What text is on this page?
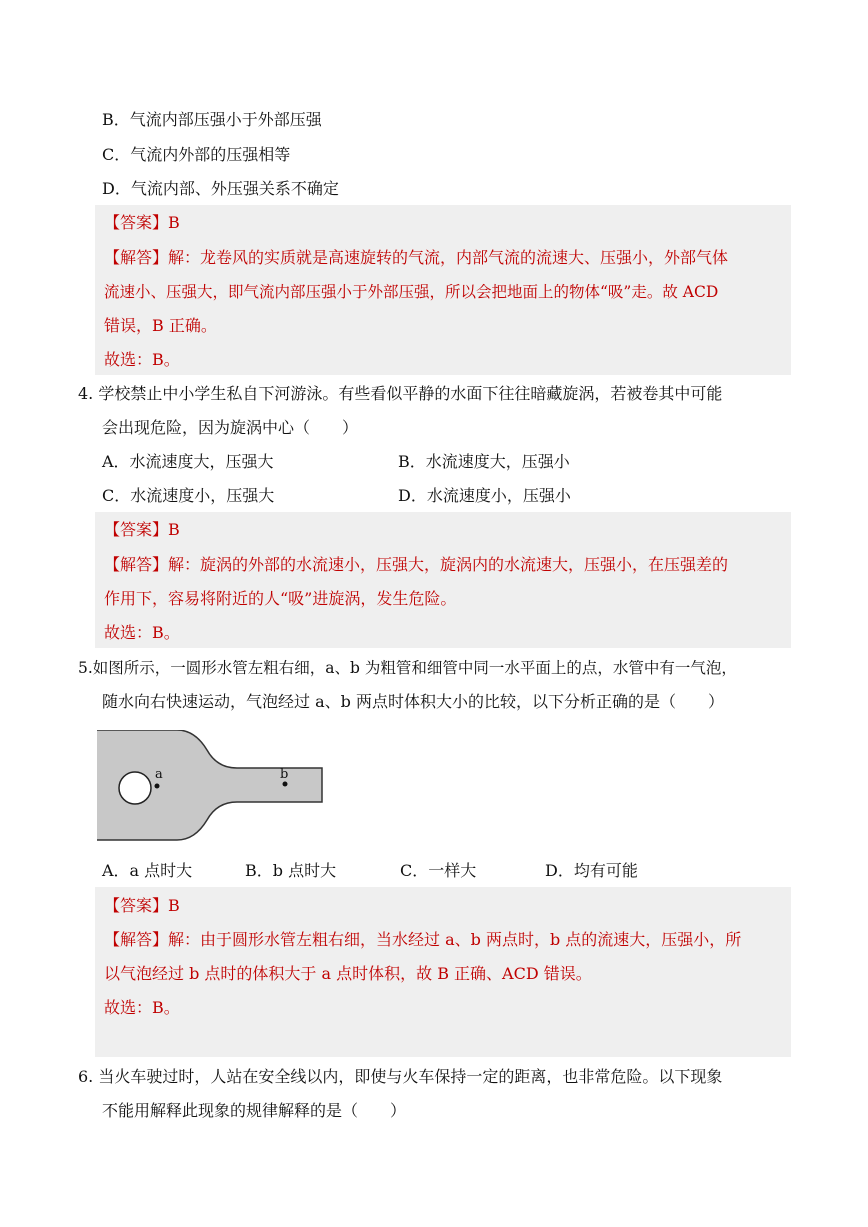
B．气流内部压强小于外部压强
C．气流内外部的压强相等
D．气流内部、外压强关系不确定
【答案】B
【解答】解：龙卷风的实质就是高速旋转的气流，内部气流的流速大、压强小，外部气体
流速小、压强大，即气流内部压强小于外部压强，所以会把地面上的物体“吸”走。故 ACD
错误，B 正确。
故选：B。
4. 学校禁止中小学生私自下河游泳。有些看似平静的水面下往往暗藏旋涡，若被卷其中可能
会出现危险，因为旋涡中心（　　）
A．水流速度大，压强大	B．水流速度大，压强小
C．水流速度小，压强大	D．水流速度小，压强小
【答案】B
【解答】解：旋涡的外部的水流速小，压强大，旋涡内的水流速大，压强小，在压强差的
作用下，容易将附近的人“吸”进旋涡，发生危险。
故选：B。
5.如图所示，一圆形水管左粗右细，a、b 为粗管和细管中同一水平面上的点，水管中有一气泡，
随水向右快速运动，气泡经过 a、b 两点时体积大小的比较，以下分析正确的是（　　）
a	b
A．a 点时大	B．b 点时大	C．一样大	D．均有可能
【答案】B
【解答】解：由于圆形水管左粗右细，当水经过 a、b 两点时，b 点的流速大，压强小，所
以气泡经过 b 点时的体积大于 a 点时体积，故 B 正确、ACD 错误。
故选：B。
6. 当火车驶过时，人站在安全线以内，即使与火车保持一定的距离，也非常危险。以下现象
不能用解释此现象的规律解释的是（　　）
